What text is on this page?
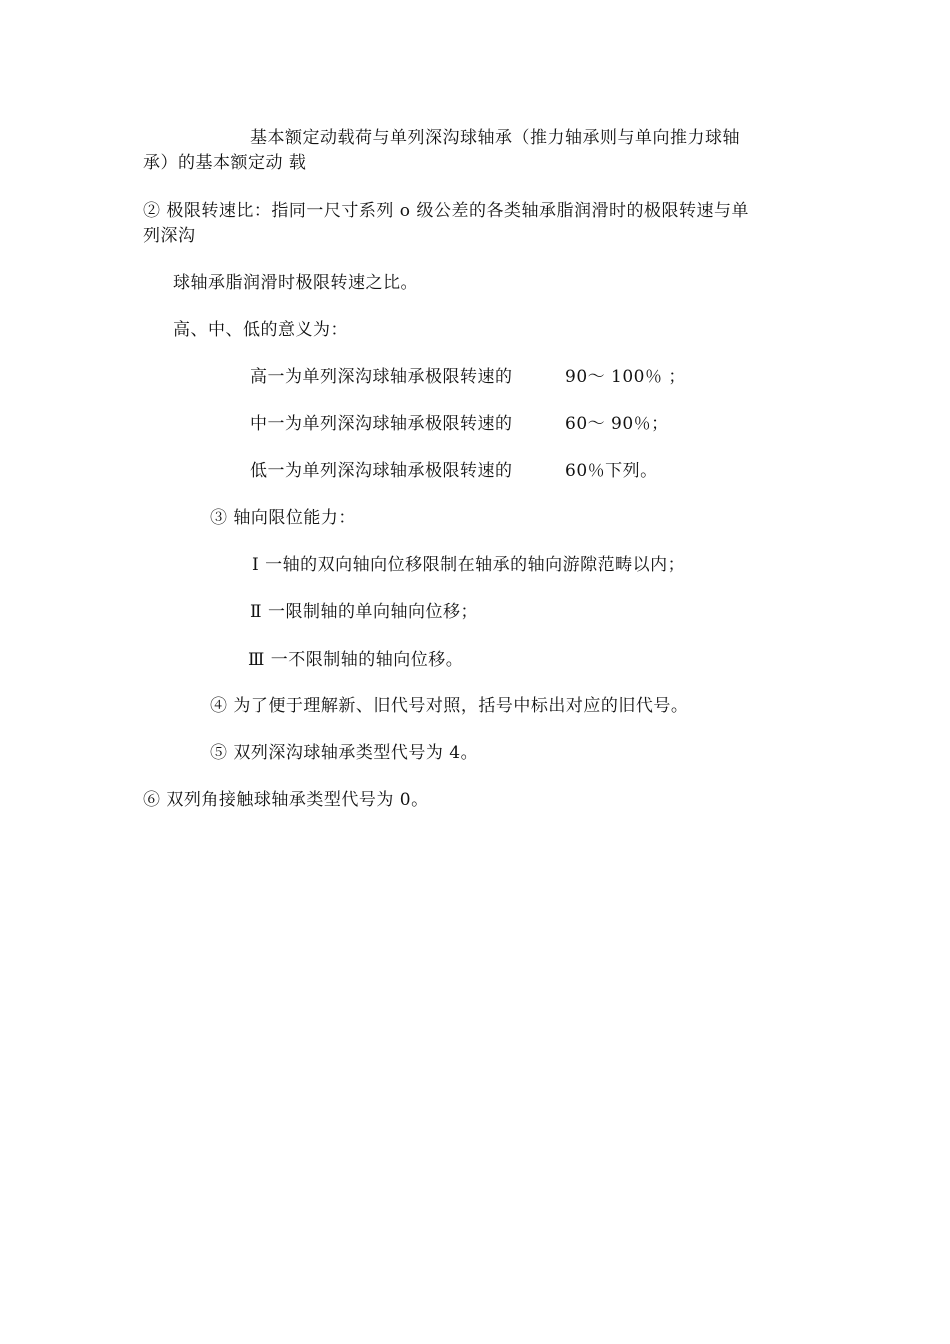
基本额定动载荷与单列深沟球轴承（推力轴承则与单向推力球轴
承）的基本额定动 载
② 极限转速比：指同一尺寸系列 o 级公差的各类轴承脂润滑时的极限转速与单
列深沟
球轴承脂润滑时极限转速之比。
高、中、低的意义为：
高一为单列深沟球轴承极限转速的	90～ 100％ ；
中一为单列深沟球轴承极限转速的	60～ 90％；
低一为单列深沟球轴承极限转速的	60％下列。
③ 轴向限位能力：
Ⅰ 一轴的双向轴向位移限制在轴承的轴向游隙范畴以内；
Ⅱ 一限制轴的单向轴向位移；
Ⅲ 一不限制轴的轴向位移。
④ 为了便于理解新、旧代号对照，括号中标出对应的旧代号。
⑤ 双列深沟球轴承类型代号为 4。
⑥ 双列角接触球轴承类型代号为 0。
